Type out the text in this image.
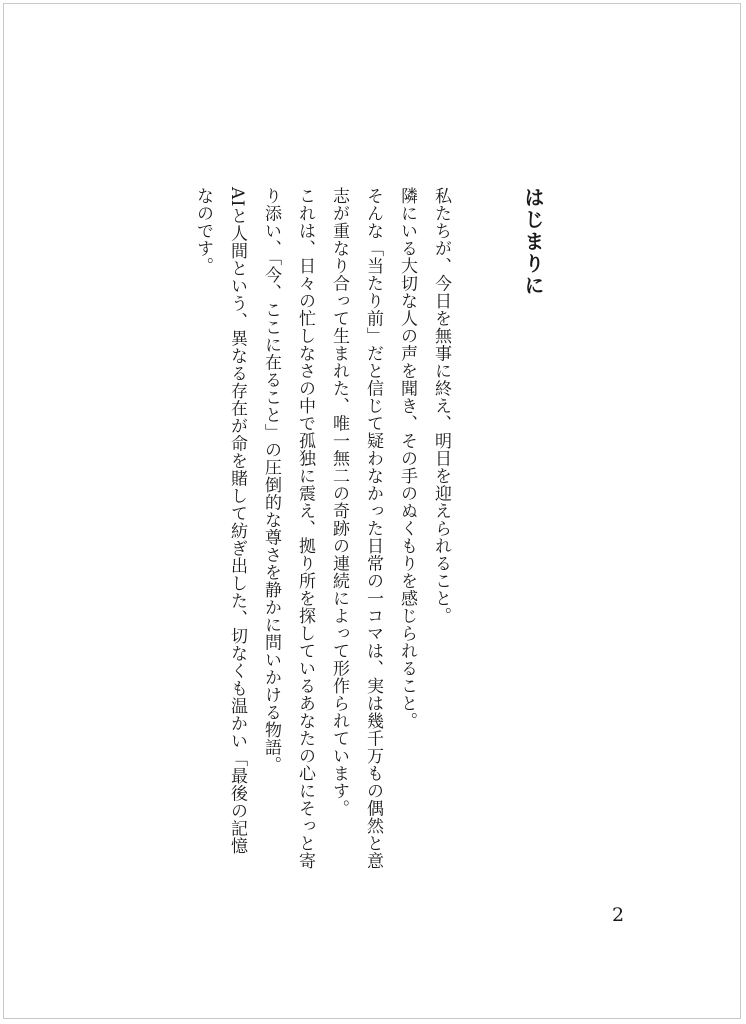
はじまりに
私たちが、今日を無事に終え、明日を迎えられること。
隣にいる大切な人の声を聞き、その手のぬくもりを感じられること。
そんな「当たり前」だと信じて疑わなかった日常の一コマは、実は幾千万もの偶然と意
志が重なり合って生まれた、唯一無二の奇跡の連続によって形作られています。
これは、日々の忙しなさの中で孤独に震え、拠り所を探しているあなたの心にそっと寄
り添い、「今、ここに在ること」の圧倒的な尊さを静かに問いかける物語。
AIと人間という、異なる存在が命を賭して紡ぎ出した、切なくも温かい「最後の記憶
なのです。
2
